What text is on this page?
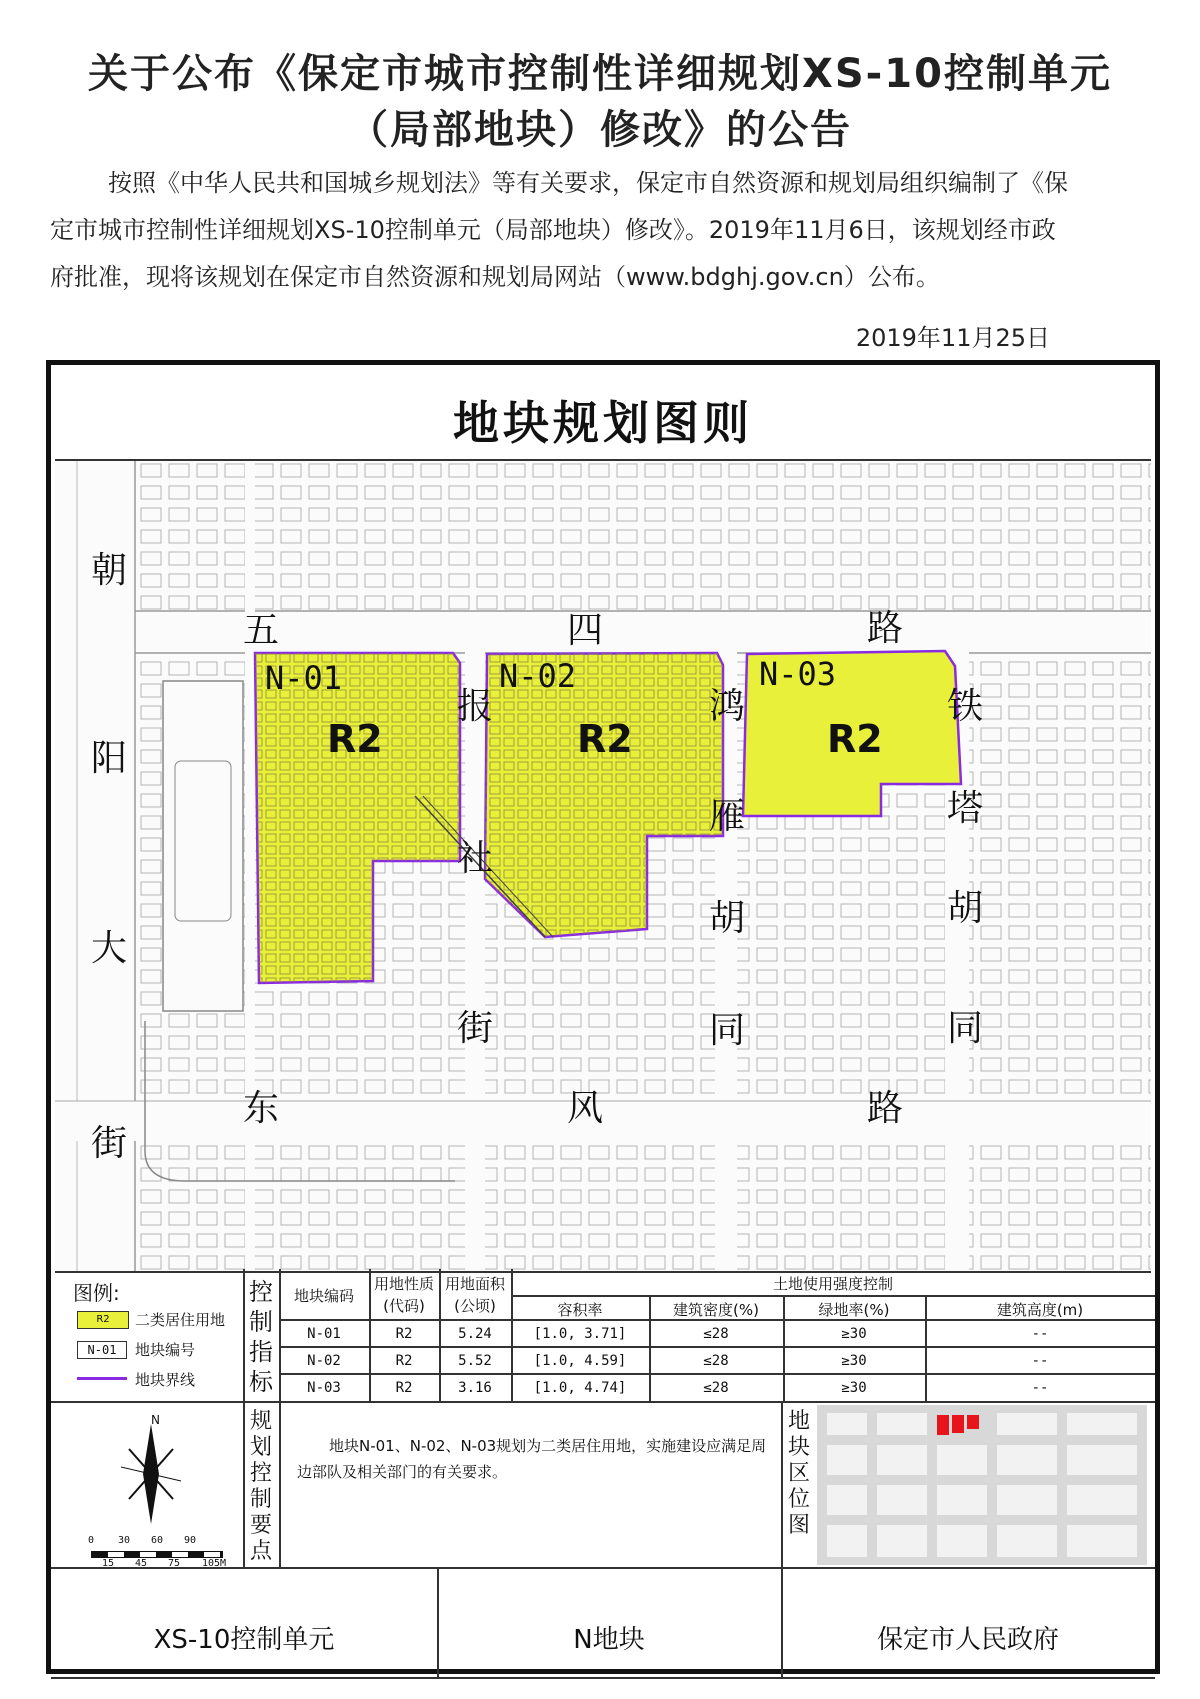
关于公布《保定市城市控制性详细规划XS-10控制单元
（局部地块）修改》的公告
按照《中华人民共和国城乡规划法》等有关要求，保定市自然资源和规划局组织编制了《保
定市城市控制性详细规划XS-10控制单元（局部地块）修改》。2019年11月6日，该规划经市政
府批准，现将该规划在保定市自然资源和规划局网站（www.bdghj.gov.cn）公布。
2019年11月25日
地块规划图则
朝
阳
大
街
五	四	路
报
社
街
鸿
雁
胡
同
铁
塔
胡
同
东	风	路
N-01
R2
N-02
R2
N-03
R2
图例:
R2	二类居住用地
N-01	地块编号
地块界线
控
制
指
标
地块编码
用地性质
(代码)
用地面积
(公顷)
土地使用强度控制
容积率	建筑密度(%)	绿地率(%)	建筑高度(m)
N-01	R2	5.24	[1.0, 3.71]	≤28	≥30	--
N-02	R2	5.52	[1.0, 4.59]	≤28	≥30	--
N-03	R2	3.16	[1.0, 4.74]	≤28	≥30	--
N
0	30	60	90
15	45	75	105M
规
划
控
制
要
点
地块N-01、N-02、N-03规划为二类居住用地，实施建设应满足周
边部队及相关部门的有关要求。
地
块
区
位
图
XS-10控制单元	N地块	保定市人民政府
